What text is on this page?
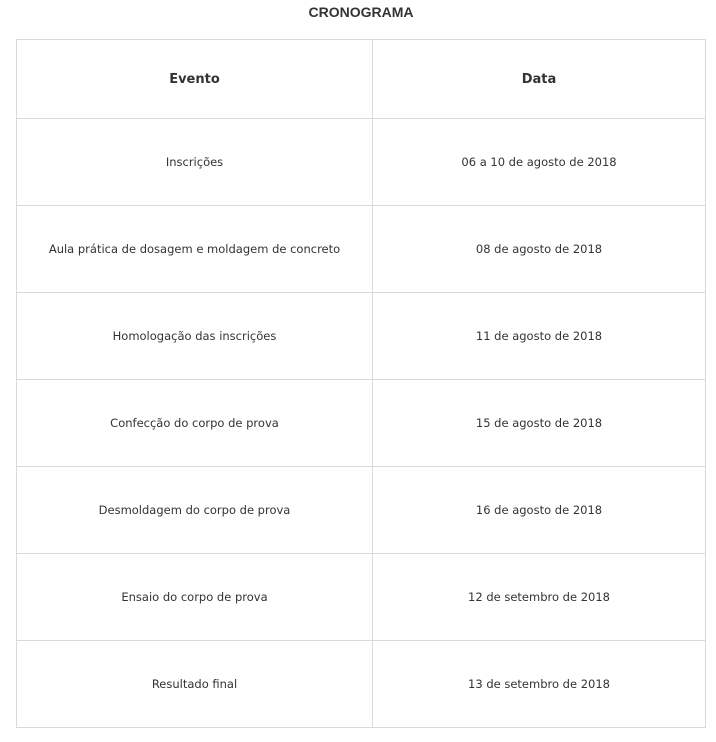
CRONOGRAMA
Evento	Data
Inscrições	06 a 10 de agosto de 2018
Aula prática de dosagem e moldagem de concreto	08 de agosto de 2018
Homologação das inscrições	11 de agosto de 2018
Confecção do corpo de prova	15 de agosto de 2018
Desmoldagem do corpo de prova	16 de agosto de 2018
Ensaio do corpo de prova	12 de setembro de 2018
Resultado final	13 de setembro de 2018
